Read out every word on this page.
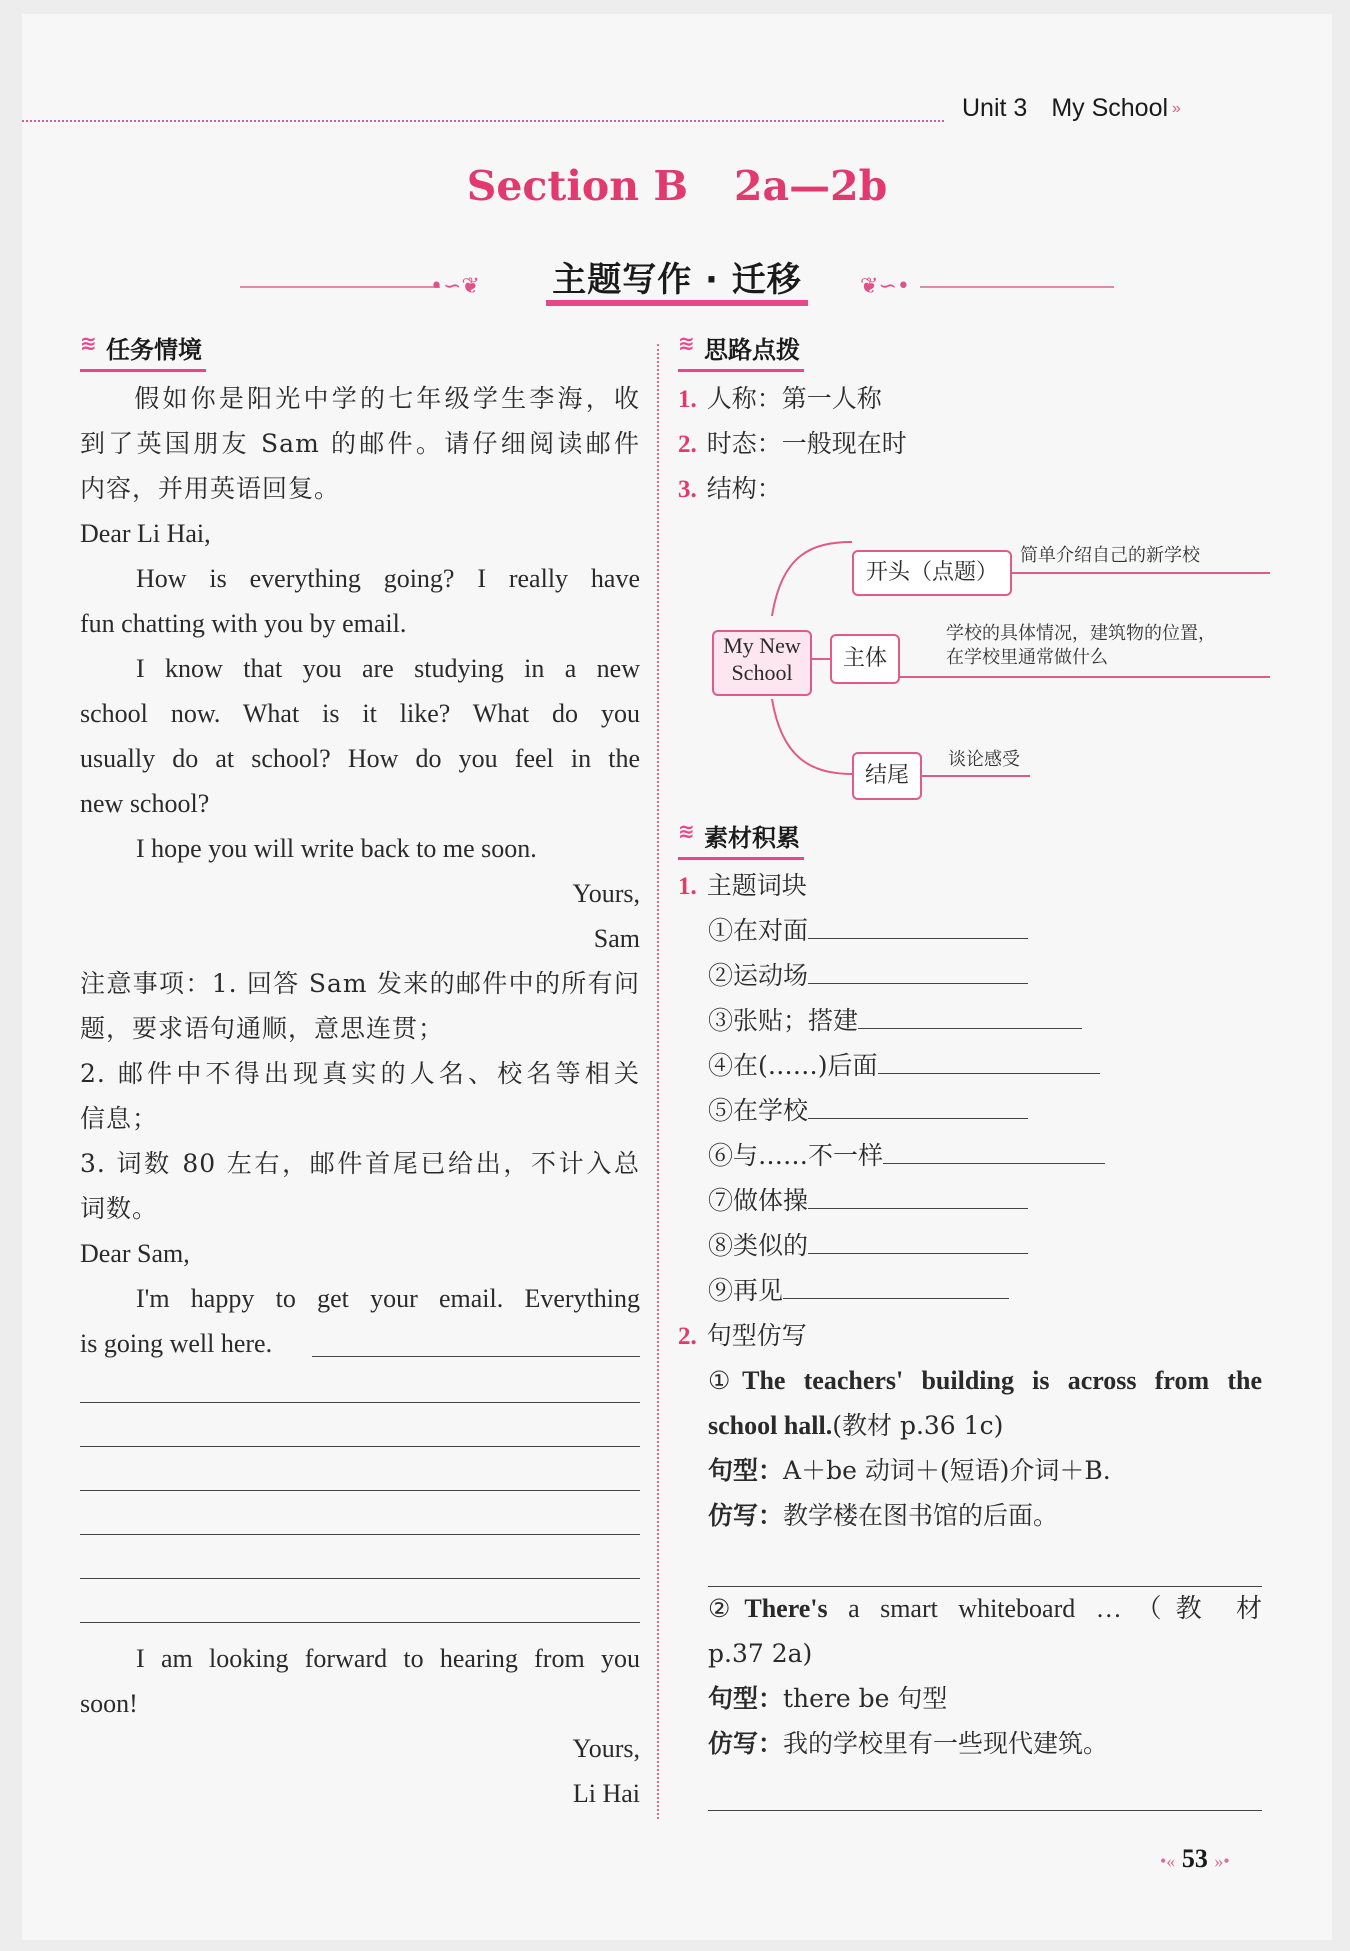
Unit 3 My School »
Section B 2a—2b
•∽❦	主题写作 · 迁移	❦∽•
≋ 任务情境
假如你是阳光中学的七年级学生李海，收
到了英国朋友 Sam 的邮件。请仔细阅读邮件
内容，并用英语回复。
Dear Li Hai,
How is everything going? I really have
fun chatting with you by email.
I know that you are studying in a new
school now. What is it like? What do you
usually do at school? How do you feel in the
new school?
I hope you will write back to me soon.
Yours,
Sam
注意事项：1. 回答 Sam 发来的邮件中的所有问
题，要求语句通顺，意思连贯；
2. 邮件中不得出现真实的人名、校名等相关
信息；
3. 词数 80 左右，邮件首尾已给出，不计入总
词数。
Dear Sam,
I'm happy to get your email. Everything
is going well here.
I am looking forward to hearing from you
soon!
Yours,
Li Hai
≋ 思路点拨
1. 人称：第一人称
2. 时态：一般现在时
3. 结构：
My New
School
开头（点题）
简单介绍自己的新学校
主体
学校的具体情况，建筑物的位置，
在学校里通常做什么
结尾
谈论感受
≋ 素材积累
1. 主题词块
①在对面
②运动场
③张贴；搭建
④在(……)后面
⑤在学校
⑥与……不一样
⑦做体操
⑧类似的
⑨再见
2. 句型仿写
①The teachers' building is across from the
school hall.(教材 p.36 1c)
句型：A＋be 动词＋(短语)介词＋B.
仿写：教学楼在图书馆的后面。
②There's a smart whiteboard …（教 材
p.37 2a)
句型：there be 句型
仿写：我的学校里有一些现代建筑。
•« 53 »•
